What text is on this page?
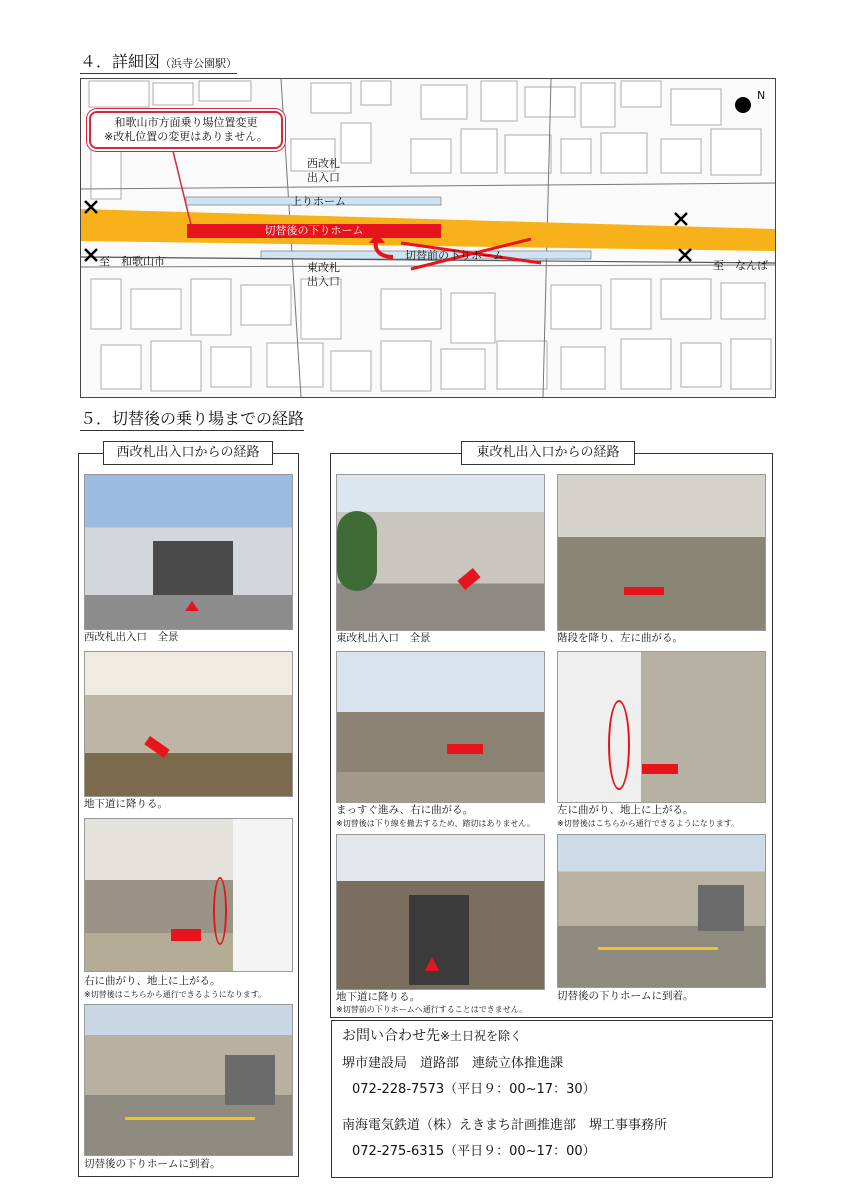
４．詳細図（浜寺公園駅）
和歌山市方面乗り場位置変更
※改札位置の変更はありません。
西改札
出入口
東改札
出入口
上りホーム
切替後の下りホーム
切替前の下りホーム
至　和歌山市	至　なんば
N
５．切替後の乗り場までの経路
西改札出入口からの経路
西改札出入口　全景
地下道に降りる。
右に曲がり、地上に上がる。
※切替後はこちらから通行できるようになります。
切替後の下りホームに到着。
東改札出入口からの経路
東改札出入口　全景
まっすぐ進み、右に曲がる。
※切替後は下り線を撤去するため、踏切はありません。
地下道に降りる。
※切替前の下りホームへ通行することはできません。
階段を降り、左に曲がる。
左に曲がり、地上に上がる。
※切替後はこちらから通行できるようになります。
切替後の下りホームに到着。
お問い合わせ先※土日祝を除く
堺市建設局　道路部　連続立体推進課
072-228-7573（平日９：00~17：30）
南海電気鉄道（株）えきまち計画推進部　堺工事事務所
072-275-6315（平日９：00~17：00）
